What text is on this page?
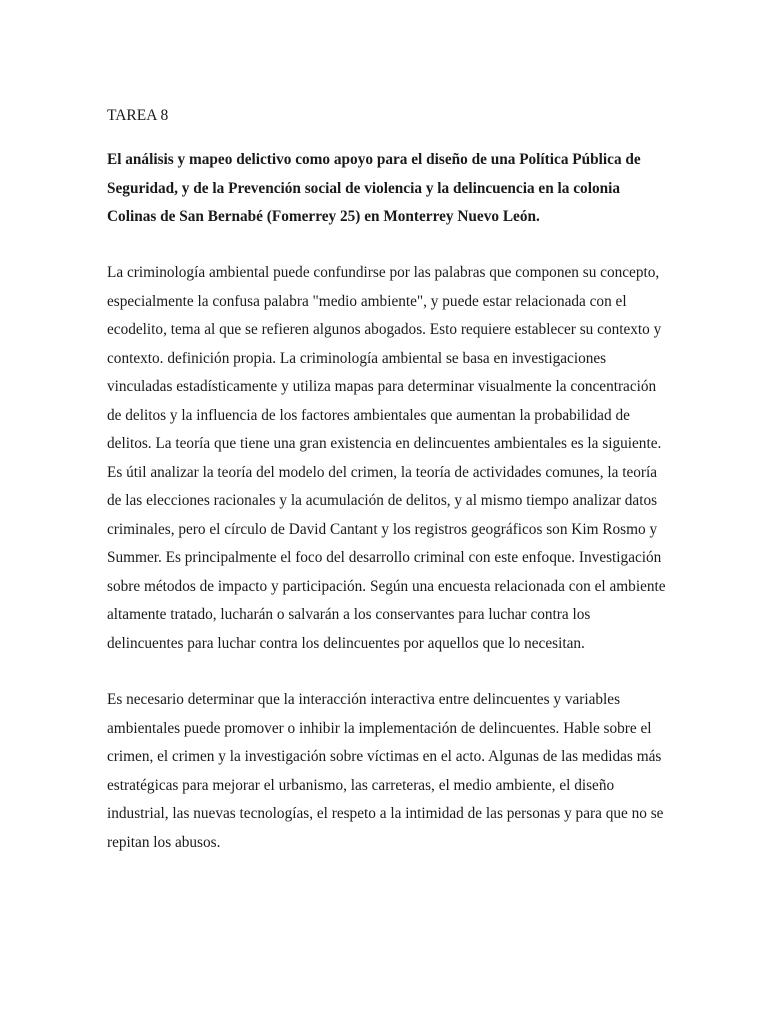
TAREA 8
El análisis y mapeo delictivo como apoyo para el diseño de una Política Pública de
Seguridad, y de la Prevención social de violencia y la delincuencia en la colonia
Colinas de San Bernabé (Fomerrey 25) en Monterrey Nuevo León.

La criminología ambiental puede confundirse por las palabras que componen su concepto,
especialmente la confusa palabra "medio ambiente", y puede estar relacionada con el
ecodelito, tema al que se refieren algunos abogados. Esto requiere establecer su contexto y
contexto. definición propia. La criminología ambiental se basa en investigaciones
vinculadas estadísticamente y utiliza mapas para determinar visualmente la concentración
de delitos y la influencia de los factores ambientales que aumentan la probabilidad de
delitos. La teoría que tiene una gran existencia en delincuentes ambientales es la siguiente.
Es útil analizar la teoría del modelo del crimen, la teoría de actividades comunes, la teoría
de las elecciones racionales y la acumulación de delitos, y al mismo tiempo analizar datos
criminales, pero el círculo de David Cantant y los registros geográficos son Kim Rosmo y
Summer. Es principalmente el foco del desarrollo criminal con este enfoque. Investigación
sobre métodos de impacto y participación. Según una encuesta relacionada con el ambiente
altamente tratado, lucharán o salvarán a los conservantes para luchar contra los
delincuentes para luchar contra los delincuentes por aquellos que lo necesitan.

Es necesario determinar que la interacción interactiva entre delincuentes y variables
ambientales puede promover o inhibir la implementación de delincuentes. Hable sobre el
crimen, el crimen y la investigación sobre víctimas en el acto. Algunas de las medidas más
estratégicas para mejorar el urbanismo, las carreteras, el medio ambiente, el diseño
industrial, las nuevas tecnologías, el respeto a la intimidad de las personas y para que no se
repitan los abusos.
